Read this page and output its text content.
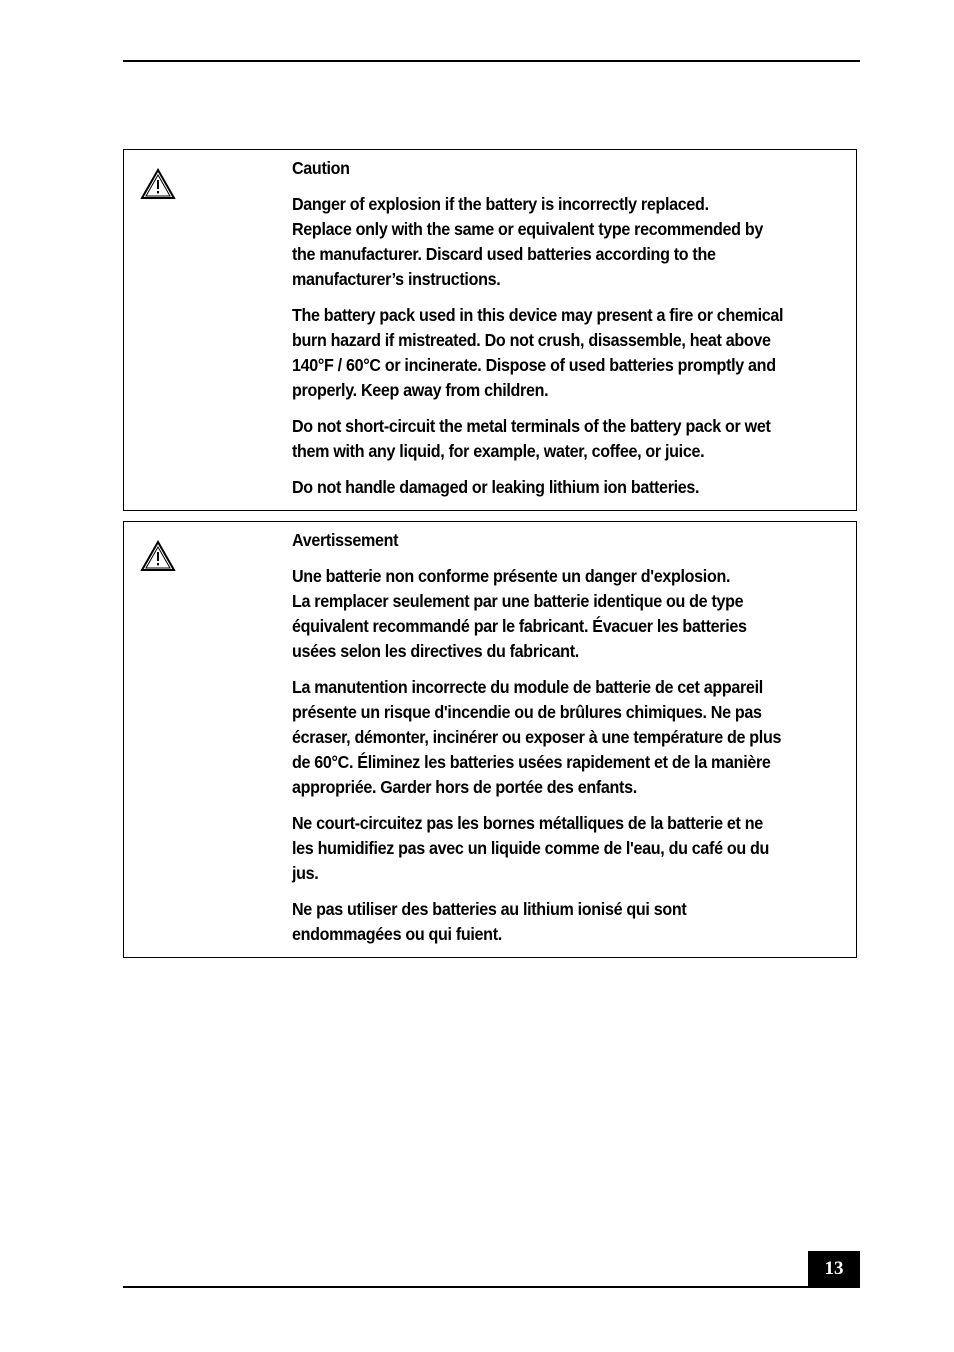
Caution

Danger of explosion if the battery is incorrectly replaced.
Replace only with the same or equivalent type recommended by
the manufacturer. Discard used batteries according to the
manufacturer’s instructions.

The battery pack used in this device may present a fire or chemical
burn hazard if mistreated. Do not crush, disassemble, heat above
140°F / 60°C or incinerate. Dispose of used batteries promptly and
properly. Keep away from children.

Do not short-circuit the metal terminals of the battery pack or wet
them with any liquid, for example, water, coffee, or juice.

Do not handle damaged or leaking lithium ion batteries.

Avertissement

Une batterie non conforme présente un danger d'explosion.
La remplacer seulement par une batterie identique ou de type
équivalent recommandé par le fabricant. Évacuer les batteries
usées selon les directives du fabricant.

La manutention incorrecte du module de batterie de cet appareil
présente un risque d'incendie ou de brûlures chimiques. Ne pas
écraser, démonter, incinérer ou exposer à une température de plus
de 60°C. Éliminez les batteries usées rapidement et de la manière
appropriée. Garder hors de portée des enfants.

Ne court-circuitez pas les bornes métalliques de la batterie et ne
les humidifiez pas avec un liquide comme de l'eau, du café ou du
jus.

Ne pas utiliser des batteries au lithium ionisé qui sont
endommagées ou qui fuient.

13
